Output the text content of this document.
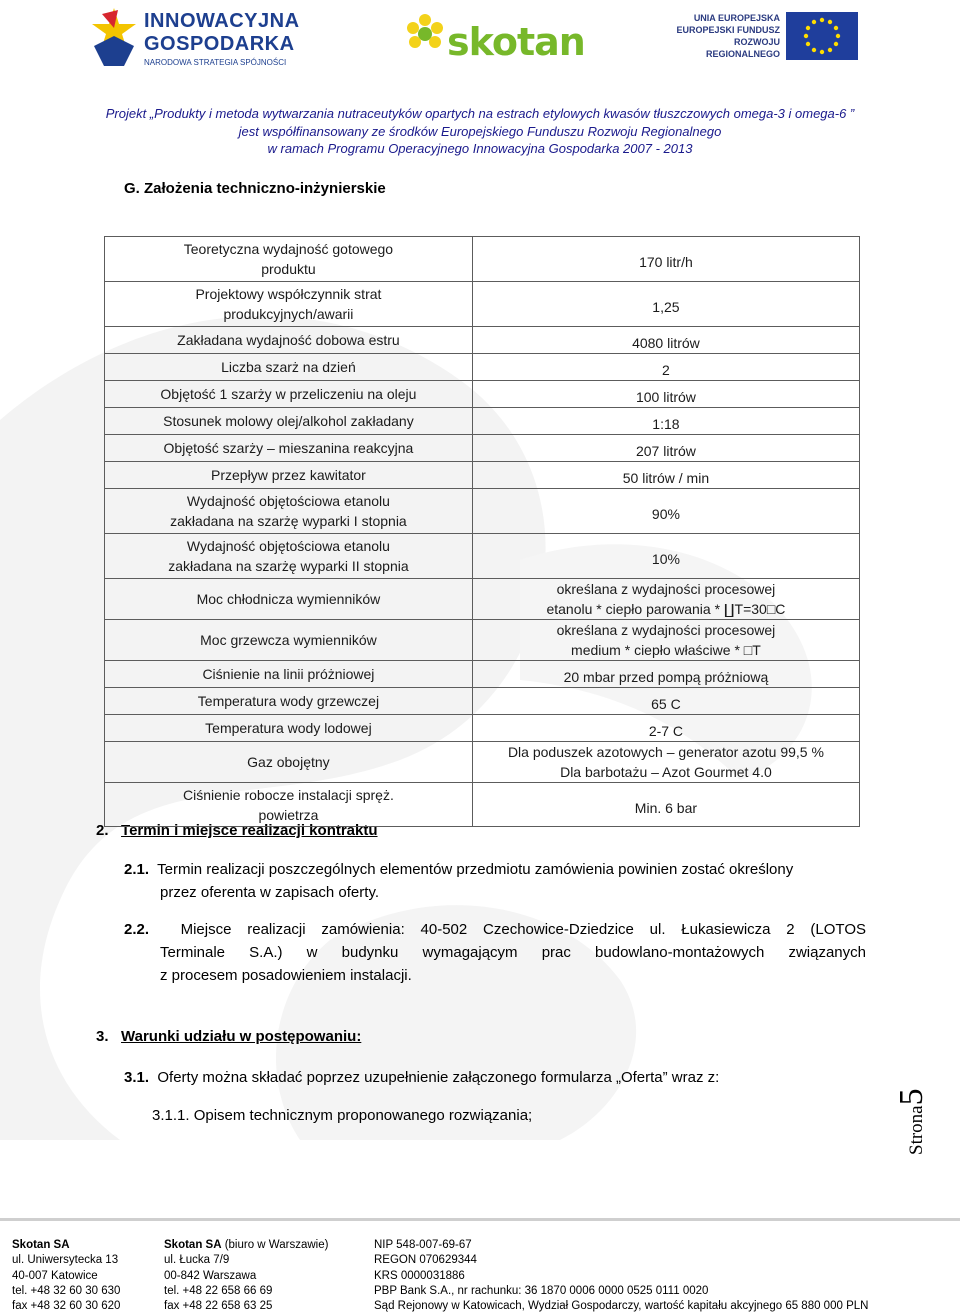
INNOWACYJNA
GOSPODARKA
NARODOWA STRATEGIA SPÓJNOŚCI	skotan
UNIA EUROPEJSKA
EUROPEJSKI FUNDUSZ
ROZWOJU REGIONALNEGO
Projekt „Produkty i metoda wytwarzania nutraceutyków opartych na estrach etylowych kwasów tłuszczowych omega-3 i omega-6 ”
jest współfinansowany ze środków Europejskiego Funduszu Rozwoju Regionalnego
w ramach Programu Operacyjnego Innowacyjna Gospodarka 2007 - 2013
G. Założenia techniczno-inżynierskie
Teoretyczna wydajność gotowego
produktu	170 litr/h

Projektowy współczynnik strat
produkcyjnych/awarii	1,25

Zakładana wydajność dobowa estru	4080 litrów

Liczba szarż na dzień	2

Objętość 1 szarży w przeliczeniu na oleju	100 litrów

Stosunek molowy olej/alkohol zakładany	1:18

Objętość szarży – mieszanina reakcyjna	207 litrów

Przepływ przez kawitator	50 litrów / min

Wydajność objętościowa etanolu
zakładana na szarżę wyparki I stopnia	90%

Wydajność objętościowa etanolu
zakładana na szarżę wyparki II stopnia	10%

Moc chłodnicza wymienników	określana z wydajności procesowej
etanolu * ciepło parowania * ∐T=30□C

Moc grzewcza wymienników	określana z wydajności procesowej
medium * ciepło właściwe * □T

Ciśnienie na linii próżniowej	20 mbar przed pompą próżniową

Temperatura wody grzewczej	65 C

Temperatura wody lodowej	2-7 C

Gaz obojętny	Dla poduszek azotowych – generator azotu 99,5 %
Dla barbotażu – Azot Gourmet 4.0

Ciśnienie robocze instalacji spręż.
powietrza	Min. 6 bar
2. Termin i miejsce realizacji kontraktu
2.1. Termin realizacji poszczególnych elementów przedmiotu zamówienia powinien zostać określony
przez oferenta w zapisach oferty.
2.2. Miejsce realizacji zamówienia: 40-502 Czechowice-Dziedzice ul. Łukasiewicza 2 (LOTOS
Terminale S.A.) w budynku wymagającym prac budowlano-montażowych związanych
z procesem posadowieniem instalacji.
3. Warunki udziału w postępowaniu:
3.1. Oferty można składać poprzez uzupełnienie załączonego formularza „Oferta” wraz z:
3.1.1. Opisem technicznym proponowanego rozwiązania;	Strona5
Skotan SA
ul. Uniwersytecka 13
40-007 Katowice
tel. +48 32 60 30 630
fax +48 32 60 30 620
Skotan SA (biuro w Warszawie)
ul. Łucka 7/9
00-842 Warszawa
tel. +48 22 658 66 69
fax +48 22 658 63 25
NIP 548-007-69-67
REGON 070629344
KRS 0000031886
PBP Bank S.A., nr rachunku: 36 1870 0006 0000 0525 0111 0020
Sąd Rejonowy w Katowicach, Wydział Gospodarczy, wartość kapitału akcyjnego 65 880 000 PLN
